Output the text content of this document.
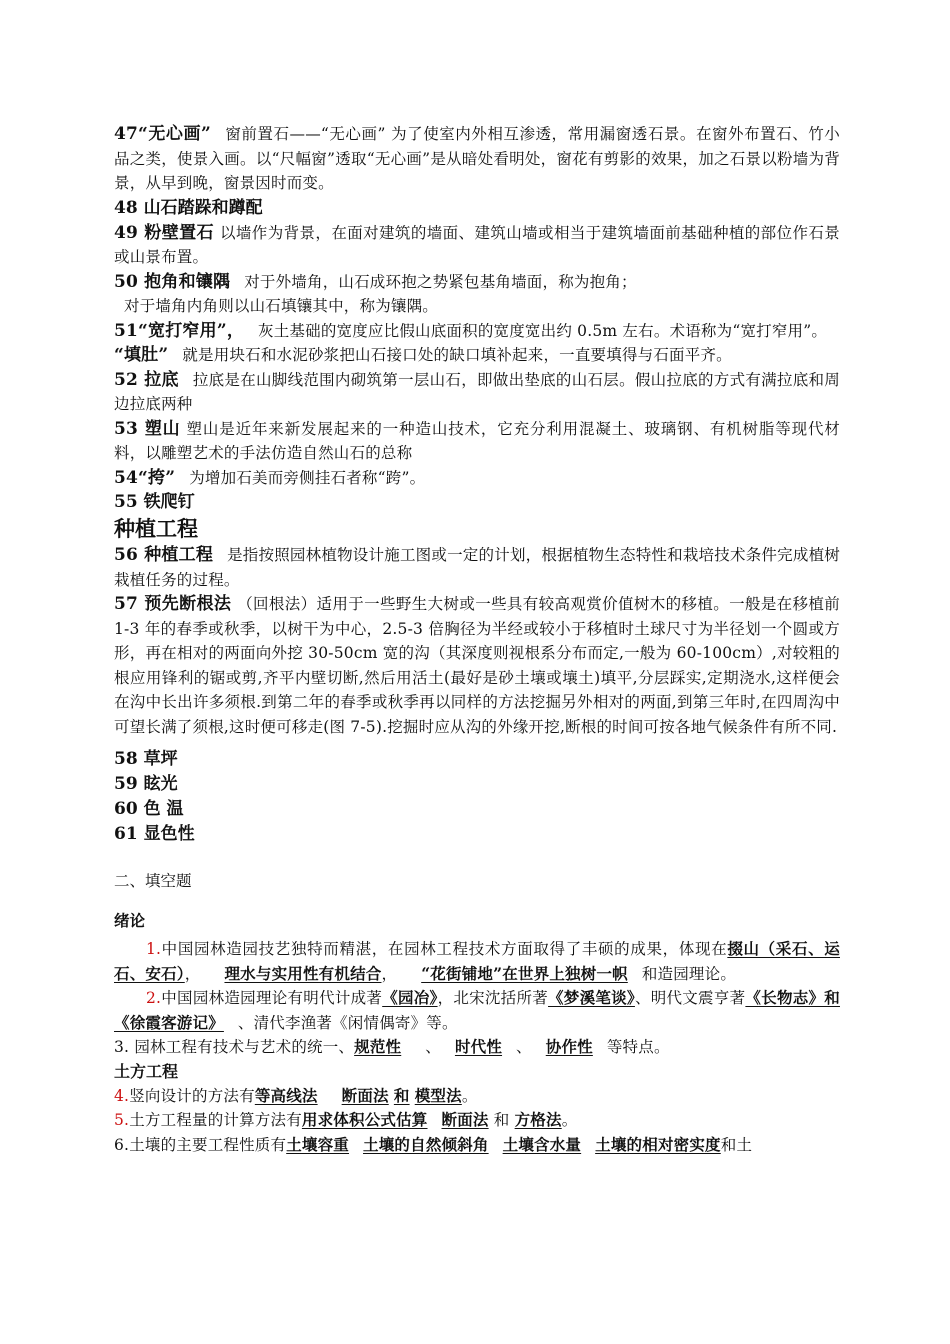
47“无心画” 窗前置石——“无心画” 为了使室内外相互渗透，常用漏窗透石景。在窗外布置石、竹小品之类，使景入画。以“尺幅窗”透取“无心画”是从暗处看明处，窗花有剪影的效果，加之石景以粉墙为背景，从早到晚，窗景因时而变。

48 山石踏跺和蹲配

49 粉壁置石 以墙作为背景，在面对建筑的墙面、建筑山墙或相当于建筑墙面前基础种植的部位作石景或山景布置。

50 抱角和镶隅 对于外墙角，山石成环抱之势紧包基角墙面，称为抱角；

对于墙角内角则以山石填镶其中，称为镶隅。

51“宽打窄用”， 灰土基础的宽度应比假山底面积的宽度宽出约 0.5m 左右。术语称为“宽打窄用”。

“填肚” 就是用块石和水泥砂浆把山石接口处的缺口填补起来，一直要填得与石面平齐。

52 拉底 拉底是在山脚线范围内砌筑第一层山石，即做出垫底的山石层。假山拉底的方式有满拉底和周边拉底两种

53 塑山 塑山是近年来新发展起来的一种造山技术，它充分利用混凝土、玻璃钢、有机树脂等现代材料，以雕塑艺术的手法仿造自然山石的总称

54“挎” 为增加石美而旁侧挂石者称“跨”。

55 铁爬钉

种植工程

56 种植工程 是指按照园林植物设计施工图或一定的计划，根据植物生态特性和栽培技术条件完成植树栽植任务的过程。

57 预先断根法 （回根法）适用于一些野生大树或一些具有较高观赏价值树木的移植。一般是在移植前 1-3 年的春季或秋季，以树干为中心，2.5-3 倍胸径为半经或较小于移植时土球尺寸为半径划一个圆或方形，再在相对的两面向外挖 30-50cm 宽的沟（其深度则视根系分布而定,一般为 60-100cm）,对较粗的根应用锋利的锯或剪,齐平内壁切断,然后用活土(最好是砂土壤或壤土)填平,分层踩实,定期浇水,这样便会在沟中长出许多须根.到第二年的春季或秋季再以同样的方法挖掘另外相对的两面,到第三年时,在四周沟中可望长满了须根,这时便可移走(图 7-5).挖掘时应从沟的外缘开挖,断根的时间可按各地气候条件有所不同.

58 草坪

59 眩光

60 色 温

61 显色性

二、填空题

绪论

1.中国园林造园技艺独特而精湛，在园林工程技术方面取得了丰硕的成果，体现在掇山（采石、运石、安石）， 理水与实用性有机结合， “花街铺地”在世界上独树一帜 和造园理论。

2.中国园林造园理论有明代计成著《园冶》，北宋沈括所著《梦溪笔谈》、明代文震亨著《长物志》和《徐霞客游记》 、清代李渔著《闲情偶寄》等。

3. 园林工程有技术与艺术的统一、规范性 、 时代性 、 协作性 等特点。

土方工程

4.竖向设计的方法有等高线法 断面法 和 模型法。

5.土方工程量的计算方法有用求体积公式估算 断面法 和 方格法。

6.土壤的主要工程性质有土壤容重 土壤的自然倾斜角 土壤含水量 土壤的相对密实度和土
